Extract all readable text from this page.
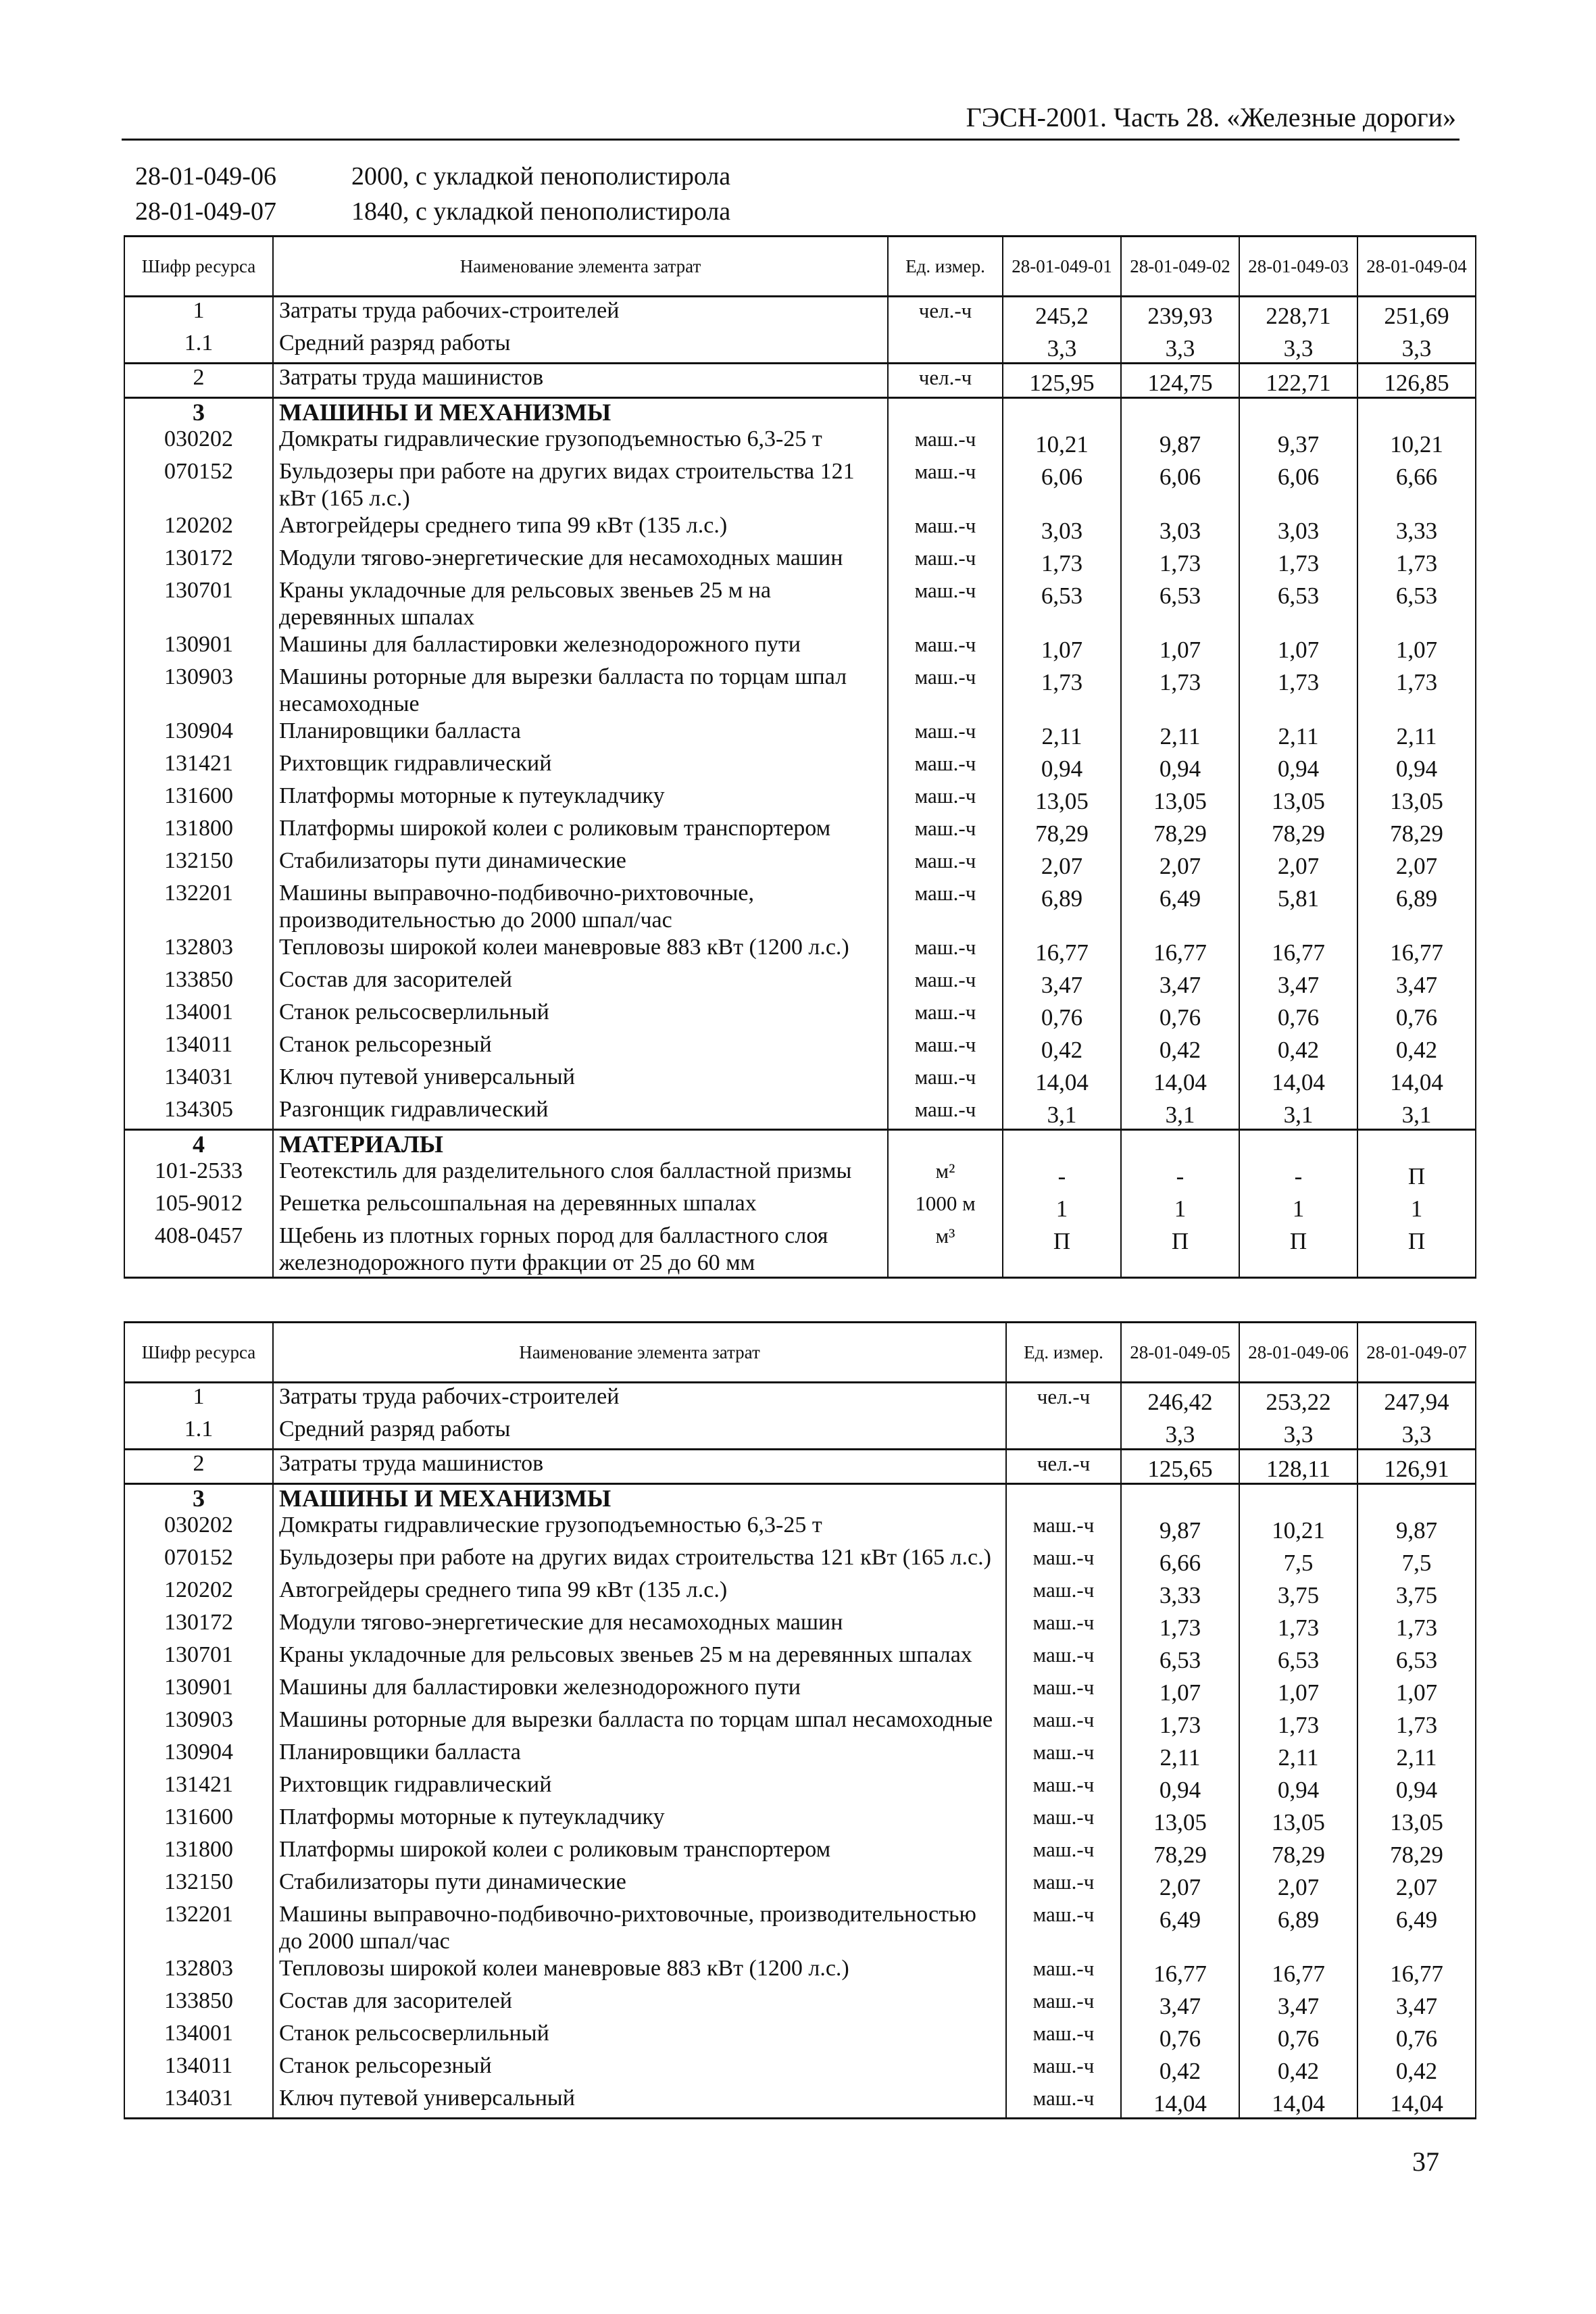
ГЭСН-2001. Часть 28. «Железные дороги»
28-01-049-06	2000, с укладкой пенополистирола
28-01-049-07	1840, с укладкой пенополистирола
Шифр ресурса	Наименование элемента затрат	Ед. измер.	28-01-049-01	28-01-049-02	28-01-049-03	28-01-049-04
1	Затраты труда рабочих-строителей	чел.-ч	245,2	239,93	228,71	251,69
1.1	Средний разряд работы		3,3	3,3	3,3	3,3
2	Затраты труда машинистов	чел.-ч	125,95	124,75	122,71	126,85
3	МАШИНЫ И МЕХАНИЗМЫ					
030202	Домкраты гидравлические грузоподъемностью 6,3-25 т	маш.-ч	10,21	9,87	9,37	10,21
070152	Бульдозеры при работе на других видах строительства 121 кВт (165 л.с.)	маш.-ч	6,06	6,06	6,06	6,66
120202	Автогрейдеры среднего типа 99 кВт (135 л.с.)	маш.-ч	3,03	3,03	3,03	3,33
130172	Модули тягово-энергетические для несамоходных машин	маш.-ч	1,73	1,73	1,73	1,73
130701	Краны укладочные для рельсовых звеньев 25 м на деревянных шпалах	маш.-ч	6,53	6,53	6,53	6,53
130901	Машины для балластировки железнодорожного пути	маш.-ч	1,07	1,07	1,07	1,07
130903	Машины роторные для вырезки балласта по торцам шпал несамоходные	маш.-ч	1,73	1,73	1,73	1,73
130904	Планировщики балласта	маш.-ч	2,11	2,11	2,11	2,11
131421	Рихтовщик гидравлический	маш.-ч	0,94	0,94	0,94	0,94
131600	Платформы моторные к путеукладчику	маш.-ч	13,05	13,05	13,05	13,05
131800	Платформы широкой колеи с роликовым транспортером	маш.-ч	78,29	78,29	78,29	78,29
132150	Стабилизаторы пути динамические	маш.-ч	2,07	2,07	2,07	2,07
132201	Машины выправочно-подбивочно-рихтовочные, производительностью до 2000 шпал/час	маш.-ч	6,89	6,49	5,81	6,89
132803	Тепловозы широкой колеи маневровые 883 кВт (1200 л.с.)	маш.-ч	16,77	16,77	16,77	16,77
133850	Состав для засорителей	маш.-ч	3,47	3,47	3,47	3,47
134001	Станок рельсосверлильный	маш.-ч	0,76	0,76	0,76	0,76
134011	Станок рельсорезный	маш.-ч	0,42	0,42	0,42	0,42
134031	Ключ путевой универсальный	маш.-ч	14,04	14,04	14,04	14,04
134305	Разгонщик гидравлический	маш.-ч	3,1	3,1	3,1	3,1
4	МАТЕРИАЛЫ					
101-2533	Геотекстиль для разделительного слоя балластной призмы	м²	-	-	-	П
105-9012	Решетка рельсошпальная на деревянных шпалах	1000 м	1	1	1	1
408-0457	Щебень из плотных горных пород для балластного слоя железнодорожного пути фракции от 25 до 60 мм	м³	П	П	П	П
Шифр ресурса	Наименование элемента затрат	Ед. измер.	28-01-049-05	28-01-049-06	28-01-049-07
1	Затраты труда рабочих-строителей	чел.-ч	246,42	253,22	247,94
1.1	Средний разряд работы		3,3	3,3	3,3
2	Затраты труда машинистов	чел.-ч	125,65	128,11	126,91
3	МАШИНЫ И МЕХАНИЗМЫ				
030202	Домкраты гидравлические грузоподъемностью 6,3-25 т	маш.-ч	9,87	10,21	9,87
070152	Бульдозеры при работе на других видах строительства 121 кВт (165 л.с.)	маш.-ч	6,66	7,5	7,5
120202	Автогрейдеры среднего типа 99 кВт (135 л.с.)	маш.-ч	3,33	3,75	3,75
130172	Модули тягово-энергетические для несамоходных машин	маш.-ч	1,73	1,73	1,73
130701	Краны укладочные для рельсовых звеньев 25 м на деревянных шпалах	маш.-ч	6,53	6,53	6,53
130901	Машины для балластировки железнодорожного пути	маш.-ч	1,07	1,07	1,07
130903	Машины роторные для вырезки балласта по торцам шпал несамоходные	маш.-ч	1,73	1,73	1,73
130904	Планировщики балласта	маш.-ч	2,11	2,11	2,11
131421	Рихтовщик гидравлический	маш.-ч	0,94	0,94	0,94
131600	Платформы моторные к путеукладчику	маш.-ч	13,05	13,05	13,05
131800	Платформы широкой колеи с роликовым транспортером	маш.-ч	78,29	78,29	78,29
132150	Стабилизаторы пути динамические	маш.-ч	2,07	2,07	2,07
132201	Машины выправочно-подбивочно-рихтовочные, производительностью до 2000 шпал/час	маш.-ч	6,49	6,89	6,49
132803	Тепловозы широкой колеи маневровые 883 кВт (1200 л.с.)	маш.-ч	16,77	16,77	16,77
133850	Состав для засорителей	маш.-ч	3,47	3,47	3,47
134001	Станок рельсосверлильный	маш.-ч	0,76	0,76	0,76
134011	Станок рельсорезный	маш.-ч	0,42	0,42	0,42
134031	Ключ путевой универсальный	маш.-ч	14,04	14,04	14,04
37
